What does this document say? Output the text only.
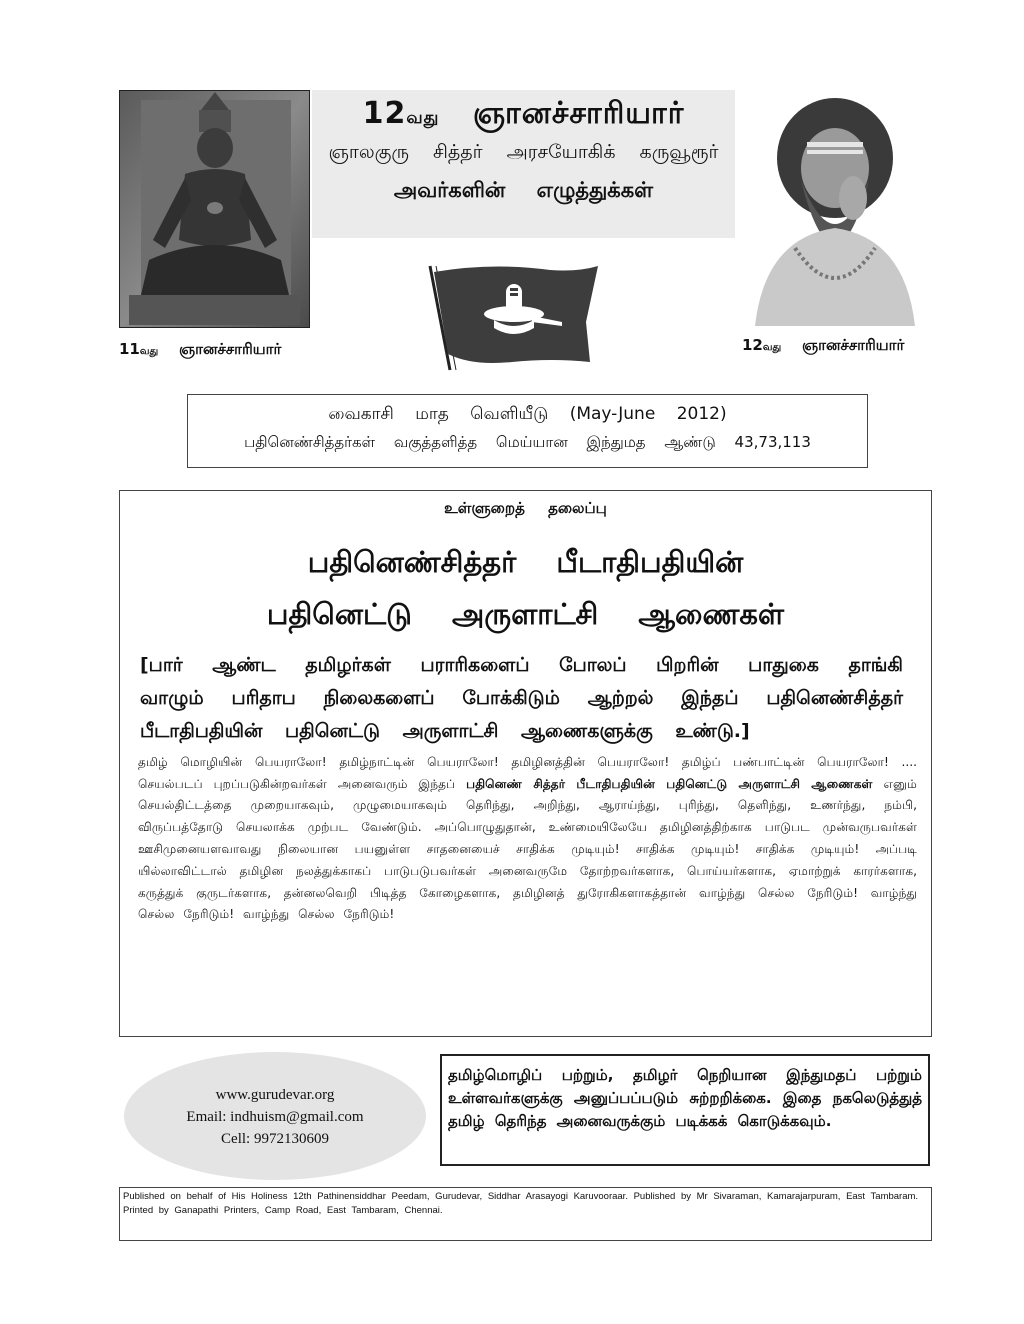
12வது ஞானச்சாரியார்
ஞாலகுரு சித்தர் அரசயோகிக் கருவூரூர்
அவர்களின் எழுத்துக்கள்
11வது ஞானச்சாரியார்	12வது ஞானச்சாரியார்
வைகாசி மாத வெளியீடு (May-June 2012)
பதினெண்சித்தர்கள் வகுத்தளித்த மெய்யான இந்துமத ஆண்டு 43,73,113
உள்ளுறைத் தலைப்பு
பதினெண்சித்தர் பீடாதிபதியின்
பதினெட்டு அருளாட்சி ஆணைகள்
[பார் ஆண்ட தமிழர்கள் பராரிகளைப் போலப் பிறரின் பாதுகை தாங்கி வாழும் பரிதாப நிலைகளைப் போக்கிடும் ஆற்றல் இந்தப் பதினெண்சித்தர் பீடாதிபதியின் பதினெட்டு அருளாட்சி ஆணைகளுக்கு உண்டு.]
தமிழ் மொழியின் பெயராலோ! தமிழ்நாட்டின் பெயராலோ! தமிழினத்தின் பெயராலோ! தமிழ்ப் பண்பாட்டின் பெயராலோ! .... செயல்படப் புறப்படுகின்றவர்கள் அனைவரும் இந்தப் பதினெண் சித்தர் பீடாதிபதியின் பதினெட்டு அருளாட்சி ஆணைகள் எனும் செயல்திட்டத்தை முறையாகவும், முழுமையாகவும் தெரிந்து, அறிந்து, ஆராய்ந்து, புரிந்து, தெளிந்து, உணர்ந்து, நம்பி, விருப்பத்தோடு செயலாக்க முற்பட வேண்டும். அப்பொழுதுதான், உண்மையிலேயே தமிழினத்திற்காக பாடுபட முன்வருபவர்கள் ஊசிமுனையளவாவது நிலையான பயனுள்ள சாதனையைச் சாதிக்க முடியும்! சாதிக்க முடியும்! சாதிக்க முடியும்! அப்படி யில்லாவிட்டால் தமிழின நலத்துக்காகப் பாடுபடுபவர்கள் அனைவருமே தோற்றவர்களாக, பொய்யர்களாக, ஏமாற்றுக் காரர்களாக, கருத்துக் குருடர்களாக, தன்னலவெறி பிடித்த கோழைகளாக, தமிழினத் துரோகிகளாகத்தான் வாழ்ந்து செல்ல நேரிடும்! வாழ்ந்து செல்ல நேரிடும்! வாழ்ந்து செல்ல நேரிடும்!
www.gurudevar.org
Email: indhuism@gmail.com
Cell: 9972130609
தமிழ்மொழிப் பற்றும், தமிழர் நெறியான இந்துமதப் பற்றும் உள்ளவர்களுக்கு அனுப்பப்படும் சுற்றறிக்கை. இதை நகலெடுத்துத் தமிழ் தெரிந்த அனைவருக்கும் படிக்கக் கொடுக்கவும்.
Published on behalf of His Holiness 12th Pathinensiddhar Peedam, Gurudevar, Siddhar Arasayogi Karuvooraar. Published by Mr Sivaraman, Kamarajarpuram, East Tambaram.
Printed by Ganapathi Printers, Camp Road, East Tambaram, Chennai.
